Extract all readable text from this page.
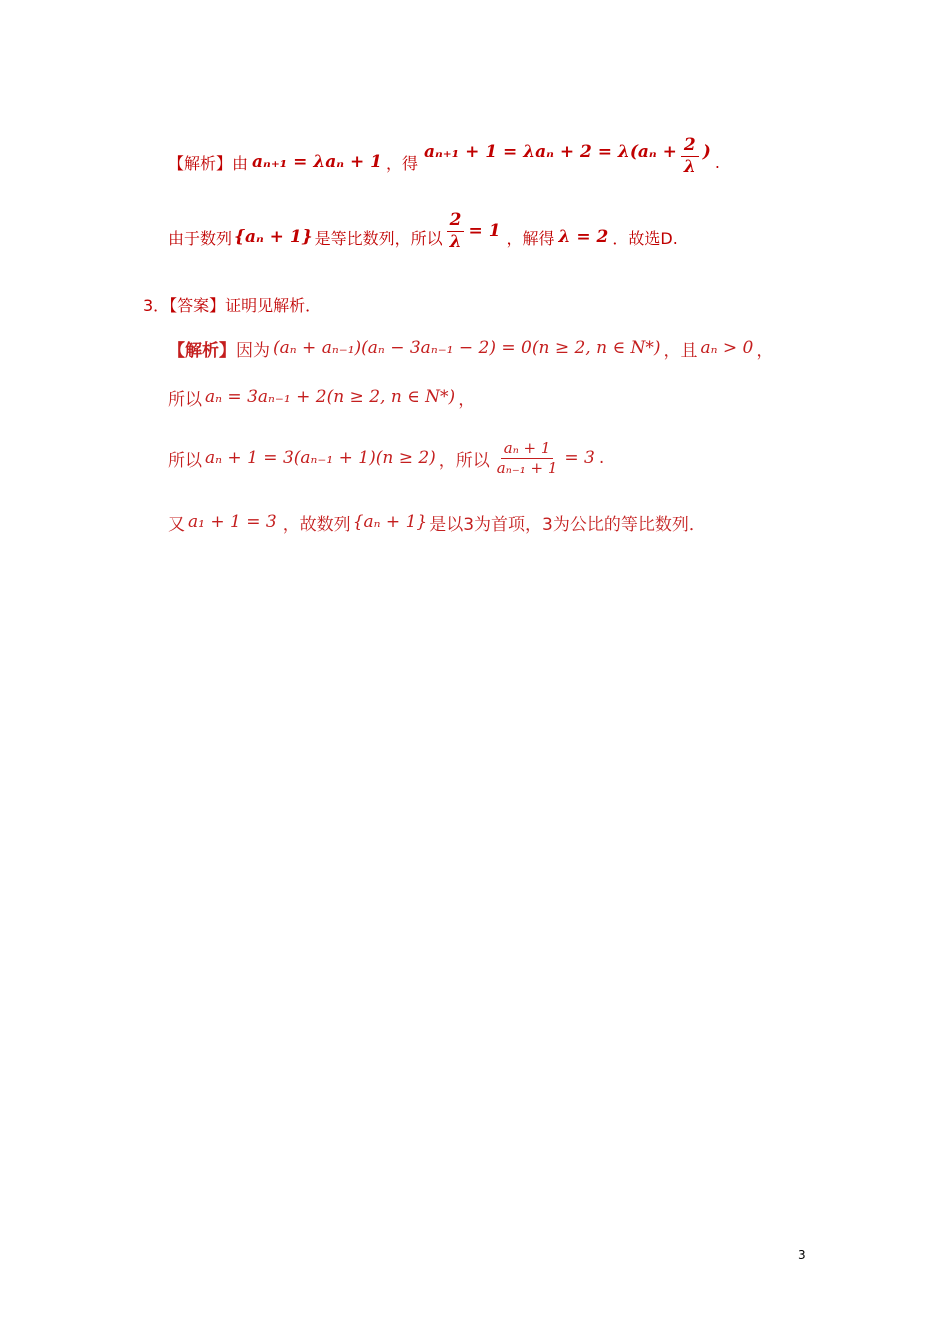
【解析】 由 aₙ₊₁ = λaₙ + 1 ，得
$a_{n+1} + 1 = \lambda a_n + 2 = \lambda(a_n + \frac{2}{\lambda}$ ) .
由于数列 {aₙ + 1} 是等比数列，所以 $\frac{2}{\lambda} = 1$ ，解得 λ = 2 ．故选D.
3．【答案】证明见解析．
【解析】 因为 (aₙ + aₙ₋₁)(aₙ − 3aₙ₋₁ − 2) = 0(n ≥ 2, n ∈ N*) ，且 aₙ > 0 ，
所以 aₙ = 3aₙ₋₁ + 2(n ≥ 2, n ∈ N*) ，
所以 aₙ + 1 = 3(aₙ₋₁ + 1)(n ≥ 2) ，所以 $\frac{\text{aₙ + 1}}{\text{aₙ₋₁ + 1}} = 3$ .
又 a₁ + 1 = 3 ，故数列 {aₙ + 1} 是以3为首项，3为公比的等比数列．
3
